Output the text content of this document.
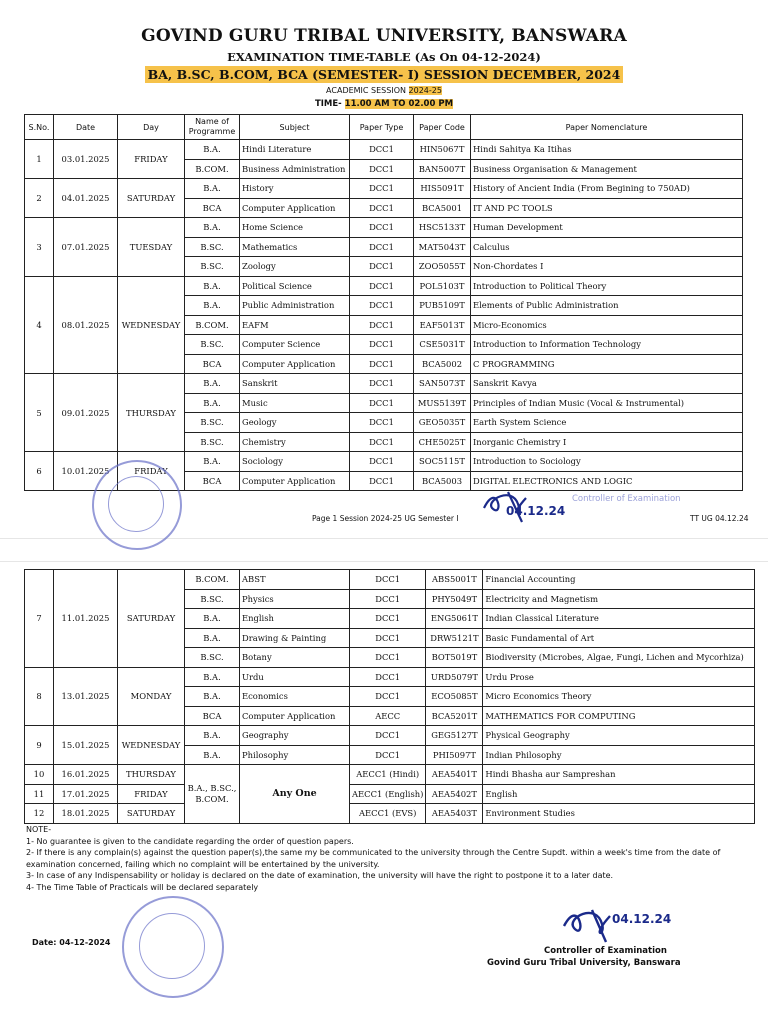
GOVIND GURU TRIBAL UNIVERSITY, BANSWARA
EXAMINATION TIME-TABLE (As On 04-12-2024)
BA, B.SC, B.COM, BCA (SEMESTER- I) SESSION DECEMBER, 2024
ACADEMIC SESSION 2024-25
TIME- 11.00 AM TO 02.00 PM
S.No.	Date	Day	Name of Programme	Subject	Paper Type	Paper Code	Paper Nomenclature
1	03.01.2025	FRIDAY	B.A.	Hindi Literature	DCC1	HIN5067T	Hindi Sahitya Ka Itihas
			B.COM.	Business Administration	DCC1	BAN5007T	Business Organisation & Management
2	04.01.2025	SATURDAY	B.A.	History	DCC1	HIS5091T	History of Ancient India (From Begining to 750AD)
			BCA	Computer Application	DCC1	BCA5001	IT AND PC TOOLS
3	07.01.2025	TUESDAY	B.A.	Home Science	DCC1	HSC5133T	Human Development
			B.SC.	Mathematics	DCC1	MAT5043T	Calculus
			B.SC.	Zoology	DCC1	ZOO5055T	Non-Chordates I
4	08.01.2025	WEDNESDAY	B.A.	Political Science	DCC1	POL5103T	Introduction to Political Theory
			B.A.	Public Administration	DCC1	PUB5109T	Elements of Public Administration
			B.COM.	EAFM	DCC1	EAF5013T	Micro-Economics
			B.SC.	Computer Science	DCC1	CSE5031T	Introduction to Information Technology
			BCA	Computer Application	DCC1	BCA5002	C PROGRAMMING
5	09.01.2025	THURSDAY	B.A.	Sanskrit	DCC1	SAN5073T	Sanskrit Kavya
			B.A.	Music	DCC1	MUS5139T	Principles of Indian Music (Vocal & Instrumental)
			B.SC.	Geology	DCC1	GEO5035T	Earth System Science
			B.SC.	Chemistry	DCC1	CHE5025T	Inorganic Chemistry I
6	10.01.2025	FRIDAY	B.A.	Sociology	DCC1	SOC5115T	Introduction to Sociology
			BCA	Computer Application	DCC1	BCA5003	DIGITAL ELECTRONICS AND LOGIC
Page 1 Session 2024-25 UG Semester I	TT UG 04.12.24
7	11.01.2025	SATURDAY	B.COM.	ABST	DCC1	ABS5001T	Financial Accounting
			B.SC.	Physics	DCC1	PHY5049T	Electricity and Magnetism
			B.A.	English	DCC1	ENG5061T	Indian Classical Literature
			B.A.	Drawing & Painting	DCC1	DRW5121T	Basic Fundamental of Art
			B.SC.	Botany	DCC1	BOT5019T	Biodiversity (Microbes, Algae, Fungi, Lichen and Mycorhiza)
8	13.01.2025	MONDAY	B.A.	Urdu	DCC1	URD5079T	Urdu Prose
			B.A.	Economics	DCC1	ECO5085T	Micro Economics Theory
			BCA	Computer Application	AECC	BCA5201T	MATHEMATICS FOR COMPUTING
9	15.01.2025	WEDNESDAY	B.A.	Geography	DCC1	GEG5127T	Physical Geography
			B.A.	Philosophy	DCC1	PHI5097T	Indian Philosophy
10	16.01.2025	THURSDAY	B.A., B.SC., B.COM.	Any One	AECC1 (Hindi)	AEA5401T	Hindi Bhasha aur Sampreshan
11	17.01.2025	FRIDAY			AECC1 (English)	AEA5402T	English
12	18.01.2025	SATURDAY			AECC1 (EVS)	AEA5403T	Environment Studies
NOTE-
1- No guarantee is given to the candidate regarding the order of question papers.
2- If there is any complain(s) against the question paper(s),the same my be communicated to the university through the Centre Supdt. within a week's time from the date of examination concerned, failing which no complaint will be entertained by the university.
3- In case of any Indispensability or holiday is declared on the date of examination, the university will have the right to postpone it to a later date.
4- The Time Table of Practicals will be declared separately
Date: 04-12-2024
Controller of Examination
Govind Guru Tribal University, Banswara
04.12.24
Controller of Examination
04.12.24
